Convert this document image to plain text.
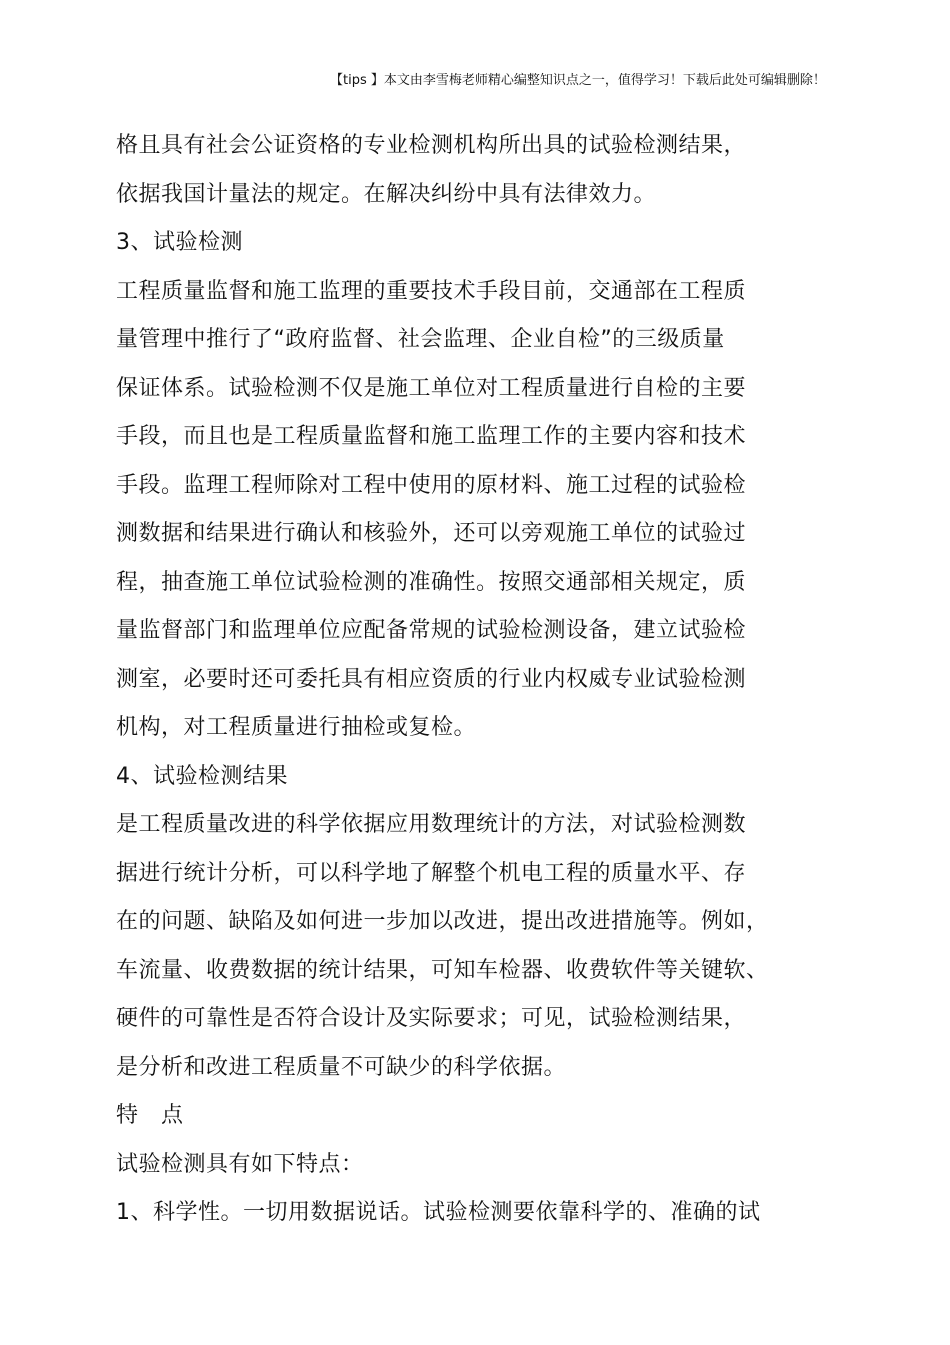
【tips 】本文由李雪梅老师精心编整知识点之一，值得学习！下载后此处可编辑删除！
格且具有社会公证资格的专业检测机构所出具的试验检测结果，
依据我国计量法的规定。在解决纠纷中具有法律效力。
3、试验检测
工程质量监督和施工监理的重要技术手段目前，交通部在工程质
量管理中推行了“政府监督、社会监理、企业自检”的三级质量
保证体系。试验检测不仅是施工单位对工程质量进行自检的主要
手段，而且也是工程质量监督和施工监理工作的主要内容和技术
手段。监理工程师除对工程中使用的原材料、施工过程的试验检
测数据和结果进行确认和核验外，还可以旁观施工单位的试验过
程，抽查施工单位试验检测的准确性。按照交通部相关规定，质
量监督部门和监理单位应配备常规的试验检测设备，建立试验检
测室，必要时还可委托具有相应资质的行业内权威专业试验检测
机构，对工程质量进行抽检或复检。
4、试验检测结果
是工程质量改进的科学依据应用数理统计的方法，对试验检测数
据进行统计分析，可以科学地了解整个机电工程的质量水平、存
在的问题、缺陷及如何进一步加以改进，提出改进措施等。例如，
车流量、收费数据的统计结果，可知车检器、收费软件等关键软、
硬件的可靠性是否符合设计及实际要求；可见，试验检测结果，
是分析和改进工程质量不可缺少的科学依据。
特　点
试验检测具有如下特点：
1、科学性。一切用数据说话。试验检测要依靠科学的、准确的试
